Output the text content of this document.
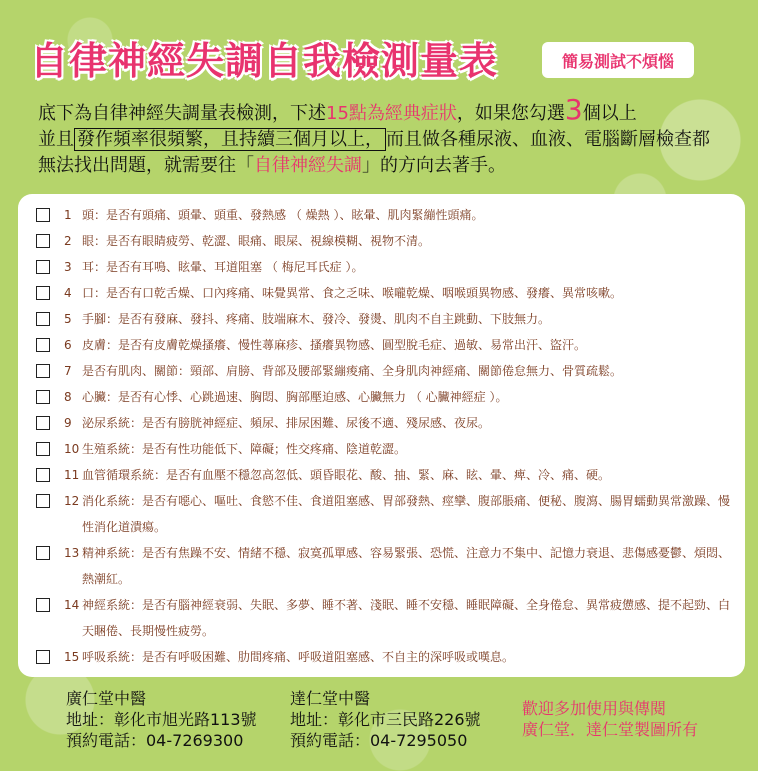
自律神經失調自我檢測量表	簡易測試不煩惱
底下為自律神經失調量表檢測，下述15點為經典症狀，如果您勾選3個以上
並且 發作頻率很頻繁，且持續三個月以上， 而且做各種尿液、血液、電腦斷層檢查都
無法找出問題，就需要往「自律神經失調」的方向去著手。
1 頭：是否有頭痛、頭暈、頭重、發熱感 （ 燥熱 ）、眩暈、肌肉緊繃性頭痛。
2 眼：是否有眼睛疲勞、乾澀、眼痛、眼屎、視線模糊、視物不清。
3 耳：是否有耳鳴、眩暈、耳道阻塞 （ 梅尼耳氏症 ）。
4 口：是否有口乾舌燥、口內疼痛、味覺異常、食之乏味、喉嚨乾燥、咽喉頭異物感、發癢、異常咳嗽。
5 手腳：是否有發麻、發抖、疼痛、肢端麻木、發冷、發燙、肌肉不自主跳動、下肢無力。
6 皮膚：是否有皮膚乾燥搔癢、慢性蕁麻疹、搔癢異物感、圓型脫毛症、過敏、易常出汗、盜汗。
7 是否有肌肉、關節：頸部、肩膀、背部及腰部緊繃痠痛、全身肌肉神經痛、關節倦怠無力、骨質疏鬆。
8 心臟：是否有心悸、心跳過速、胸悶、胸部壓迫感、心臟無力 （ 心臟神經症 ）。
9 泌尿系統：是否有膀胱神經症、頻尿、排尿困難、尿後不適、殘尿感、夜尿。
10 生殖系統：是否有性功能低下、障礙；性交疼痛、陰道乾澀。
11 血管循環系統：是否有血壓不穩忽高忽低、頭昏眼花、酸、抽、緊、麻、眩、暈、痺、冷、痛、硬。
12 消化系統：是否有噁心、嘔吐、食慾不佳、食道阻塞感、胃部發熱、痙攣、腹部脹痛、便秘、腹瀉、腸胃蠕動異常激躁、慢性消化道潰瘍。
13 精神系統：是否有焦躁不安、情緒不穩、寂寞孤單感、容易緊張、恐慌、注意力不集中、記憶力衰退、悲傷感憂鬱、煩悶、熱潮紅。
14 神經系統：是否有腦神經衰弱、失眠、多夢、睡不著、淺眠、睡不安穩、睡眠障礙、全身倦怠、異常疲憊感、提不起勁、白天睏倦、長期慢性疲勞。
15 呼吸系統：是否有呼吸困難、肋間疼痛、呼吸道阻塞感、不自主的深呼吸或嘆息。
廣仁堂中醫
地址：彰化市旭光路113號
預約電話：04-7269300
達仁堂中醫
地址：彰化市三民路226號
預約電話：04-7295050
歡迎多加使用與傳閱
廣仁堂．達仁堂製圖所有
